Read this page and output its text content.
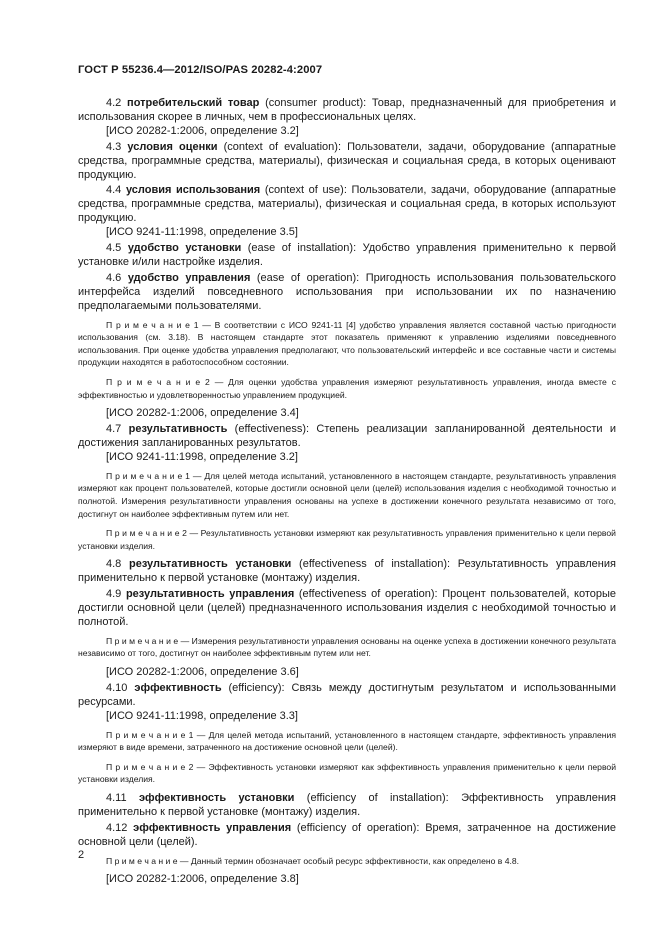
ГОСТ Р 55236.4—2012/ISO/PAS 20282-4:2007

4.2 потребительский товар (consumer product): Товар, предназначенный для приобретения и использования скорее в личных, чем в профессиональных целях.

[ИСО 20282-1:2006, определение 3.2]

4.3 условия оценки (context of evaluation): Пользователи, задачи, оборудование (аппаратные средства, программные средства, материалы), физическая и социальная среда, в которых оценивают продукцию.

4.4 условия использования (context of use): Пользователи, задачи, оборудование (аппаратные средства, программные средства, материалы), физическая и социальная среда, в которых используют продукцию.

[ИСО 9241-11:1998, определение 3.5]

4.5 удобство установки (ease of installation): Удобство управления применительно к первой установке и/или настройке изделия.

4.6 удобство управления (ease of operation): Пригодность использования пользовательского интерфейса изделий повседневного использования при использовании их по назначению предполагаемыми пользователями.

П р и м е ч а н и е 1 — В соответствии с ИСО 9241-11 [4] удобство управления является составной частью пригодности использования (см. 3.18). В настоящем стандарте этот показатель применяют к управлению изделиями повседневного использования. При оценке удобства управления предполагают, что пользовательский интерфейс и все составные части и системы продукции находятся в работоспособном состоянии.

П р и м е ч а н и е 2 — Для оценки удобства управления измеряют результативность управления, иногда вместе с эффективностью и удовлетворенностью управлением продукцией.

[ИСО 20282-1:2006, определение 3.4]

4.7 результативность (effectiveness): Степень реализации запланированной деятельности и достижения запланированных результатов.

[ИСО 9241-11:1998, определение 3.2]

П р и м е ч а н и е 1 — Для целей метода испытаний, установленного в настоящем стандарте, результативность управления измеряют как процент пользователей, которые достигли основной цели (целей) использования изделия с необходимой точностью и полнотой. Измерения результативности управления основаны на успехе в достижении конечного результата независимо от того, достигнут он наиболее эффективным путем или нет.

П р и м е ч а н и е 2 — Результативность установки измеряют как результативность управления применительно к цели первой установки изделия.

4.8 результативность установки (effectiveness of installation): Результативность управления применительно к первой установке (монтажу) изделия.

4.9 результативность управления (effectiveness of operation): Процент пользователей, которые достигли основной цели (целей) предназначенного использования изделия с необходимой точностью и полнотой.

П р и м е ч а н и е — Измерения результативности управления основаны на оценке успеха в достижении конечного результата независимо от того, достигнут он наиболее эффективным путем или нет.

[ИСО 20282-1:2006, определение 3.6]

4.10 эффективность (efficiency): Связь между достигнутым результатом и использованными ресурсами.

[ИСО 9241-11:1998, определение 3.3]

П р и м е ч а н и е 1 — Для целей метода испытаний, установленного в настоящем стандарте, эффективность управления измеряют в виде времени, затраченного на достижение основной цели (целей).

П р и м е ч а н и е 2 — Эффективность установки измеряют как эффективность управления применительно к цели первой установки изделия.

4.11 эффективность установки (efficiency of installation): Эффективность управления применительно к первой установке (монтажу) изделия.

4.12 эффективность управления (efficiency of operation): Время, затраченное на достижение основной цели (целей).

П р и м е ч а н и е — Данный термин обозначает особый ресурс эффективности, как определено в 4.8.

[ИСО 20282-1:2006, определение 3.8]

2
